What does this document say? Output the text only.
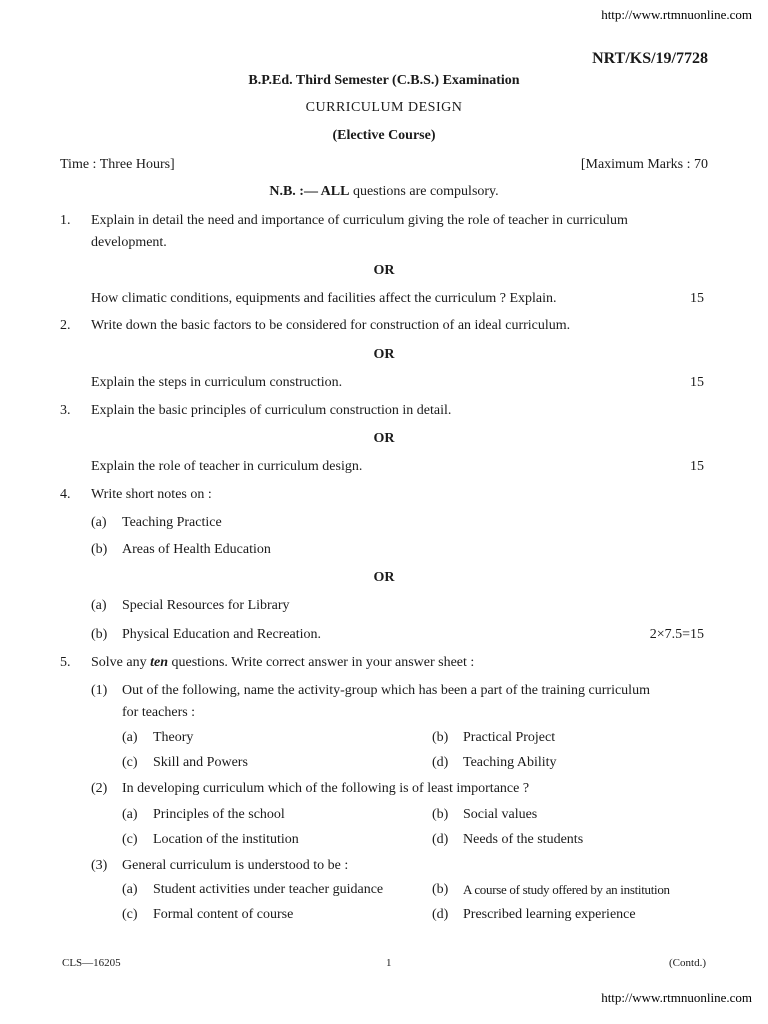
http://www.rtmnuonline.com
NRT/KS/19/7728
B.P.Ed. Third Semester (C.B.S.) Examination
CURRICULUM DESIGN
(Elective Course)
Time : Three Hours]	[Maximum Marks : 70
N.B. :— ALL questions are compulsory.
1. Explain in detail the need and importance of curriculum giving the role of teacher in curriculum
development.
OR
How climatic conditions, equipments and facilities affect the curriculum ? Explain.	15
2. Write down the basic factors to be considered for construction of an ideal curriculum.
OR
Explain the steps in curriculum construction.	15
3. Explain the basic principles of curriculum construction in detail.
OR
Explain the role of teacher in curriculum design.	15
4. Write short notes on :
(a) Teaching Practice
(b) Areas of Health Education
OR
(a) Special Resources for Library
(b) Physical Education and Recreation.	2×7.5=15
5. Solve any ten questions. Write correct answer in your answer sheet :
(1) Out of the following, name the activity-group which has been a part of the training curriculum
for teachers :
(a) Theory	(b) Practical Project
(c) Skill and Powers	(d) Teaching Ability
(2) In developing curriculum which of the following is of least importance ?
(a) Principles of the school	(b) Social values
(c) Location of the institution	(d) Needs of the students
(3) General curriculum is understood to be :
(a) Student activities under teacher guidance	(b) A course of study offered by an institution
(c) Formal content of course	(d) Prescribed learning experience
CLS—16205	1	(Contd.)
http://www.rtmnuonline.com
